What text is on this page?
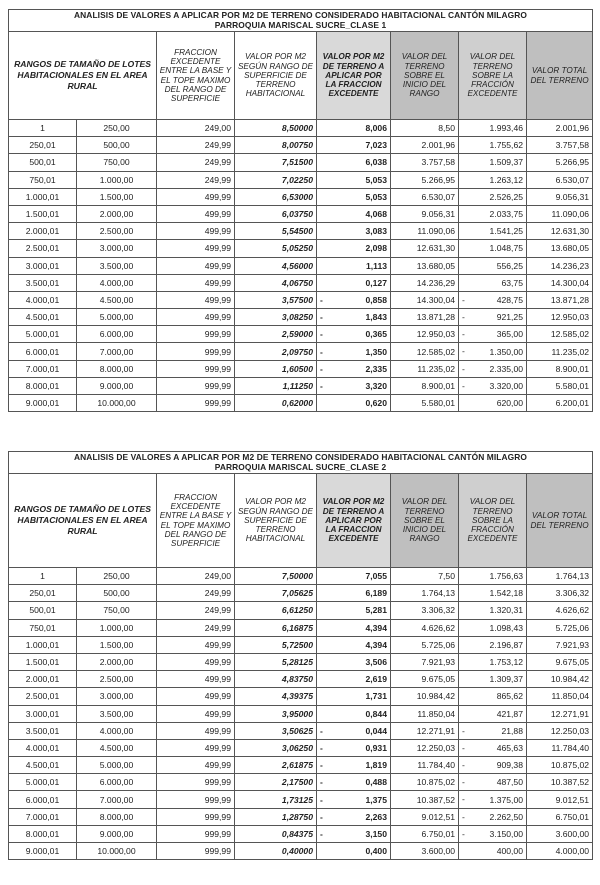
ANALISIS DE VALORES A APLICAR POR M2 DE TERRENO CONSIDERADO HABITACIONAL CANTÓN MILAGRO
PARROQUIA MARISCAL SUCRE_CLASE 1							

RANGOS DE TAMAÑO DE LOTES HABITACIONALES EN EL AREA RURAL		FRACCION EXCEDENTE ENTRE LA BASE Y EL TOPE MAXIMO DEL RANGO DE SUPERFICIE	VALOR POR M2 SEGÚN RANGO DE SUPERFICIE DE TERRENO HABITACIONAL	VALOR POR M2 DE TERRENO A APLICAR POR LA FRACCION EXCEDENTE	VALOR DEL TERRENO SOBRE EL INICIO DEL RANGO	VALOR DEL TERRENO SOBRE LA FRACCIÓN EXCEDENTE	VALOR TOTAL DEL TERRENO
1	250,00	249,00	8,50000	8,006	8,50	1.993,46	2.001,96
250,01	500,00	249,99	8,00750	7,023	2.001,96	1.755,62	3.757,58
500,01	750,00	249,99	7,51500	6,038	3.757,58	1.509,37	5.266,95
750,01	1.000,00	249,99	7,02250	5,053	5.266,95	1.263,12	6.530,07
1.000,01	1.500,00	499,99	6,53000	5,053	6.530,07	2.526,25	9.056,31
1.500,01	2.000,00	499,99	6,03750	4,068	9.056,31	2.033,75	11.090,06
2.000,01	2.500,00	499,99	5,54500	3,083	11.090,06	1.541,25	12.631,30
2.500,01	3.000,00	499,99	5,05250	2,098	12.631,30	1.048,75	13.680,05
3.000,01	3.500,00	499,99	4,56000	1,113	13.680,05	556,25	14.236,23
3.500,01	4.000,00	499,99	4,06750	0,127	14.236,29	63,75	14.300,04
4.000,01	4.500,00	499,99	3,57500	- 0,858	14.300,04	- 428,75	13.871,28
4.500,01	5.000,00	499,99	3,08250	- 1,843	13.871,28	- 921,25	12.950,03
5.000,01	6.000,00	999,99	2,59000	- 0,365	12.950,03	- 365,00	12.585,02
6.000,01	7.000,00	999,99	2,09750	- 1,350	12.585,02	- 1.350,00	11.235,02
7.000,01	8.000,00	999,99	1,60500	- 2,335	11.235,02	- 2.335,00	8.900,01
8.000,01	9.000,00	999,99	1,11250	- 3,320	8.900,01	- 3.320,00	5.580,01
9.000,01	10.000,00	999,99	0,62000	0,620	5.580,01	620,00	6.200,01
ANALISIS DE VALORES A APLICAR POR M2 DE TERRENO CONSIDERADO HABITACIONAL CANTÓN MILAGRO
PARROQUIA MARISCAL SUCRE_CLASE 2							

RANGOS DE TAMAÑO DE LOTES HABITACIONALES EN EL AREA RURAL		FRACCION EXCEDENTE ENTRE LA BASE Y EL TOPE MAXIMO DEL RANGO DE SUPERFICIE	VALOR POR M2 SEGÚN RANGO DE SUPERFICIE DE TERRENO HABITACIONAL	VALOR POR M2 DE TERRENO A APLICAR POR LA FRACCION EXCEDENTE	VALOR DEL TERRENO SOBRE EL INICIO DEL RANGO	VALOR DEL TERRENO SOBRE LA FRACCIÓN EXCEDENTE	VALOR TOTAL DEL TERRENO
1	250,00	249,00	7,50000	7,055	7,50	1.756,63	1.764,13
250,01	500,00	249,99	7,05625	6,189	1.764,13	1.542,18	3.306,32
500,01	750,00	249,99	6,61250	5,281	3.306,32	1.320,31	4.626,62
750,01	1.000,00	249,99	6,16875	4,394	4.626,62	1.098,43	5.725,06
1.000,01	1.500,00	499,99	5,72500	4,394	5.725,06	2.196,87	7.921,93
1.500,01	2.000,00	499,99	5,28125	3,506	7.921,93	1.753,12	9.675,05
2.000,01	2.500,00	499,99	4,83750	2,619	9.675,05	1.309,37	10.984,42
2.500,01	3.000,00	499,99	4,39375	1,731	10.984,42	865,62	11.850,04
3.000,01	3.500,00	499,99	3,95000	0,844	11.850,04	421,87	12.271,91
3.500,01	4.000,00	499,99	3,50625	- 0,044	12.271,91	- 21,88	12.250,03
4.000,01	4.500,00	499,99	3,06250	- 0,931	12.250,03	- 465,63	11.784,40
4.500,01	5.000,00	499,99	2,61875	- 1,819	11.784,40	- 909,38	10.875,02
5.000,01	6.000,00	999,99	2,17500	- 0,488	10.875,02	- 487,50	10.387,52
6.000,01	7.000,00	999,99	1,73125	- 1,375	10.387,52	- 1.375,00	9.012,51
7.000,01	8.000,00	999,99	1,28750	- 2,263	9.012,51	- 2.262,50	6.750,01
8.000,01	9.000,00	999,99	0,84375	- 3,150	6.750,01	- 3.150,00	3.600,00
9.000,01	10.000,00	999,99	0,40000	0,400	3.600,00	400,00	4.000,00
